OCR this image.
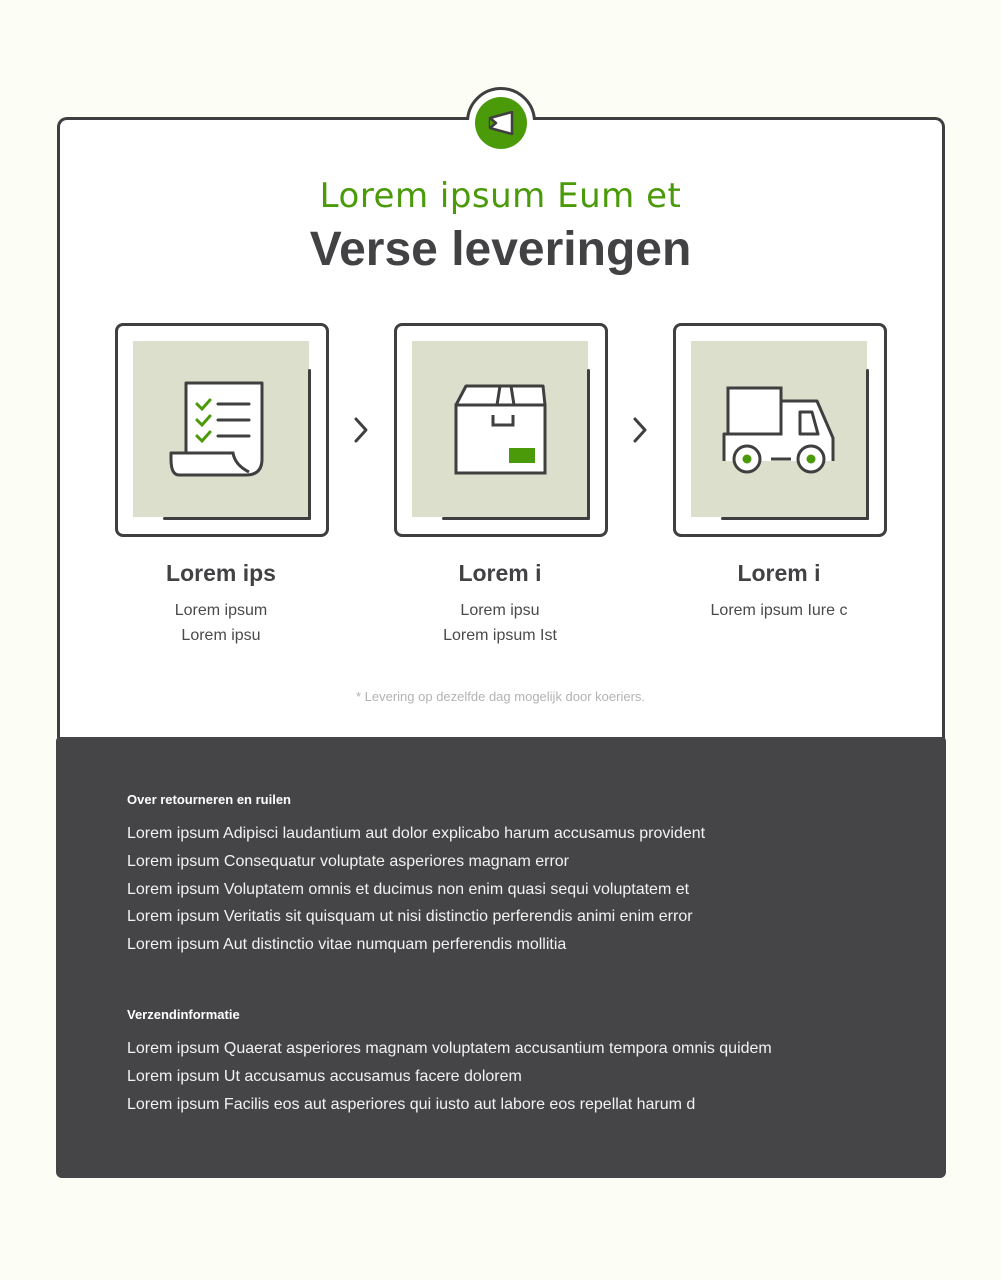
Lorem ipsum Eum et
Verse leveringen
Lorem ips
Lorem ipsum
Lorem ipsu
Lorem i
Lorem ipsu
Lorem ipsum Ist
Lorem i
Lorem ipsum Iure c
* Levering op dezelfde dag mogelijk door koeriers.
Over retourneren en ruilen
Lorem ipsum Adipisci laudantium aut dolor explicabo harum accusamus provident
Lorem ipsum Consequatur voluptate asperiores magnam error
Lorem ipsum Voluptatem omnis et ducimus non enim quasi sequi voluptatem et
Lorem ipsum Veritatis sit quisquam ut nisi distinctio perferendis animi enim error
Lorem ipsum Aut distinctio vitae numquam perferendis mollitia
Verzendinformatie
Lorem ipsum Quaerat asperiores magnam voluptatem accusantium tempora omnis quidem
Lorem ipsum Ut accusamus accusamus facere dolorem
Lorem ipsum Facilis eos aut asperiores qui iusto aut labore eos repellat harum d
